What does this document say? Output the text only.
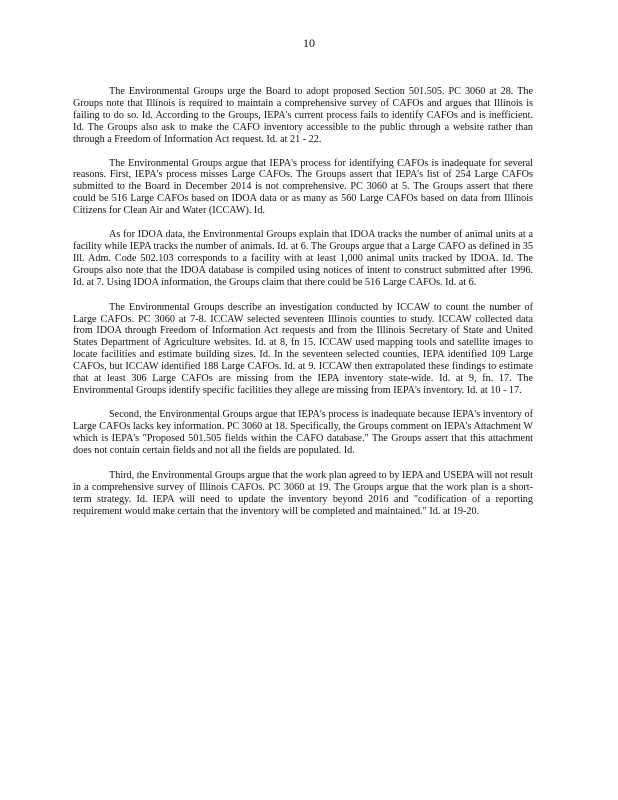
10

The Environmental Groups urge the Board to adopt proposed Section 501.505. PC 3060 at 28. The Groups note that Illinois is required to maintain a comprehensive survey of CAFOs and argues that Illinois is failing to do so. Id. According to the Groups, IEPA's current process fails to identify CAFOs and is inefficient. Id. The Groups also ask to make the CAFO inventory accessible to the public through a website rather than through a Freedom of Information Act request. Id. at 21 - 22.

The Environmental Groups argue that IEPA's process for identifying CAFOs is inadequate for several reasons. First, IEPA's process misses Large CAFOs. The Groups assert that IEPA's list of 254 Large CAFOs submitted to the Board in December 2014 is not comprehensive. PC 3060 at 5. The Groups assert that there could be 516 Large CAFOs based on IDOA data or as many as 560 Large CAFOs based on data from Illinois Citizens for Clean Air and Water (ICCAW). Id.

As for IDOA data, the Environmental Groups explain that IDOA tracks the number of animal units at a facility while IEPA tracks the number of animals. Id. at 6. The Groups argue that a Large CAFO as defined in 35 Ill. Adm. Code 502.103 corresponds to a facility with at least 1,000 animal units tracked by IDOA. Id. The Groups also note that the IDOA database is compiled using notices of intent to construct submitted after 1996. Id. at 7. Using IDOA information, the Groups claim that there could be 516 Large CAFOs. Id. at 6.

The Environmental Groups describe an investigation conducted by ICCAW to count the number of Large CAFOs. PC 3060 at 7-8. ICCAW selected seventeen Illinois counties to study. ICCAW collected data from IDOA through Freedom of Information Act requests and from the Illinois Secretary of State and United States Department of Agriculture websites. Id. at 8, fn 15. ICCAW used mapping tools and satellite images to locate facilities and estimate building sizes. Id. In the seventeen selected counties, IEPA identified 109 Large CAFOs, but ICCAW identified 188 Large CAFOs. Id. at 9. ICCAW then extrapolated these findings to estimate that at least 306 Large CAFOs are missing from the IEPA inventory state-wide. Id. at 9, fn. 17. The Environmental Groups identify specific facilities they allege are missing from IEPA's inventory. Id. at 10 - 17.

Second, the Environmental Groups argue that IEPA's process is inadequate because IEPA's inventory of Large CAFOs lacks key information. PC 3060 at 18. Specifically, the Groups comment on IEPA's Attachment W which is IEPA's "Proposed 501.505 fields within the CAFO database." The Groups assert that this attachment does not contain certain fields and not all the fields are populated. Id.

Third, the Environmental Groups argue that the work plan agreed to by IEPA and USEPA will not result in a comprehensive survey of Illinois CAFOs. PC 3060 at 19. The Groups argue that the work plan is a short-term strategy. Id. IEPA will need to update the inventory beyond 2016 and "codification of a reporting requirement would make certain that the inventory will be completed and maintained." Id. at 19-20.
